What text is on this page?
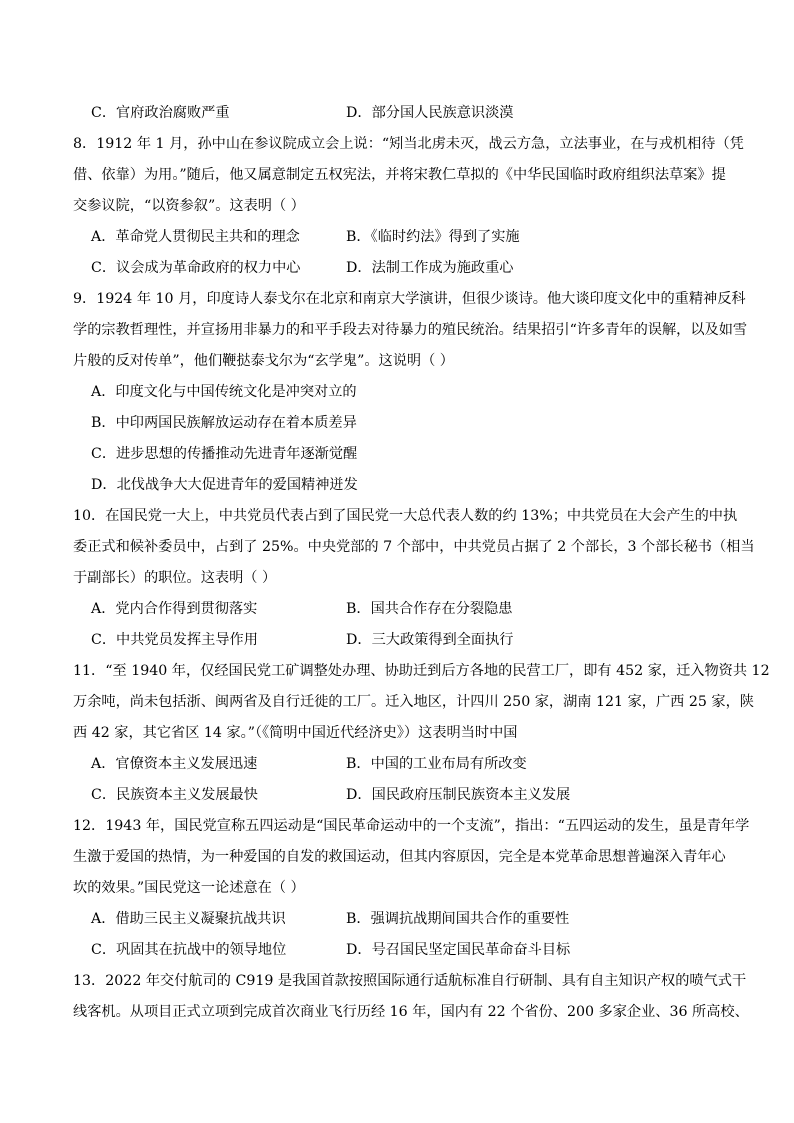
C．官府政治腐败严重	D．部分国人民族意识淡漠
8．1912 年 1 月，孙中山在参议院成立会上说：“矧当北虏未灭，战云方急，立法事业，在与戎机相待（凭
借、依靠）为用。”随后，他又属意制定五权宪法，并将宋教仁草拟的《中华民国临时政府组织法草案》提
交参议院，“以资参叙”。这表明（ ）
A．革命党人贯彻民主共和的理念	B．《临时约法》得到了实施
C．议会成为革命政府的权力中心	D．法制工作成为施政重心
9．1924 年 10 月，印度诗人泰戈尔在北京和南京大学演讲，但很少谈诗。他大谈印度文化中的重精神反科
学的宗教哲理性，并宣扬用非暴力的和平手段去对待暴力的殖民统治。结果招引“许多青年的误解，以及如雪
片般的反对传单”，他们鞭挞泰戈尔为“玄学鬼”。这说明（ ）
A．印度文化与中国传统文化是冲突对立的
B．中印两国民族解放运动存在着本质差异
C．进步思想的传播推动先进青年逐渐觉醒
D．北伐战争大大促进青年的爱国精神迸发
10．在国民党一大上，中共党员代表占到了国民党一大总代表人数的约 13%；中共党员在大会产生的中执
委正式和候补委员中，占到了 25%。中央党部的 7 个部中，中共党员占据了 2 个部长，3 个部长秘书（相当
于副部长）的职位。这表明（ ）
A．党内合作得到贯彻落实	B．国共合作存在分裂隐患
C．中共党员发挥主导作用	D．三大政策得到全面执行
11．“至 1940 年，仅经国民党工矿调整处办理、协助迁到后方各地的民营工厂，即有 452 家，迁入物资共 12
万余吨，尚未包括浙、闽两省及自行迁徙的工厂。迁入地区，计四川 250 家，湖南 121 家，广西 25 家，陕
西 42 家，其它省区 14 家。”（《简明中国近代经济史》）这表明当时中国
A．官僚资本主义发展迅速	B．中国的工业布局有所改变
C．民族资本主义发展最快	D．国民政府压制民族资本主义发展
12．1943 年，国民党宣称五四运动是“国民革命运动中的一个支流”，指出：“五四运动的发生，虽是青年学
生激于爱国的热情，为一种爱国的自发的救国运动，但其内容原因，完全是本党革命思想普遍深入青年心
坎的效果。”国民党这一论述意在（ ）
A．借助三民主义凝聚抗战共识	B．强调抗战期间国共合作的重要性
C．巩固其在抗战中的领导地位	D．号召国民坚定国民革命奋斗目标
13．2022 年交付航司的 C919 是我国首款按照国际通行适航标准自行研制、具有自主知识产权的喷气式干
线客机。从项目正式立项到完成首次商业飞行历经 16 年，国内有 22 个省份、200 多家企业、36 所高校、
